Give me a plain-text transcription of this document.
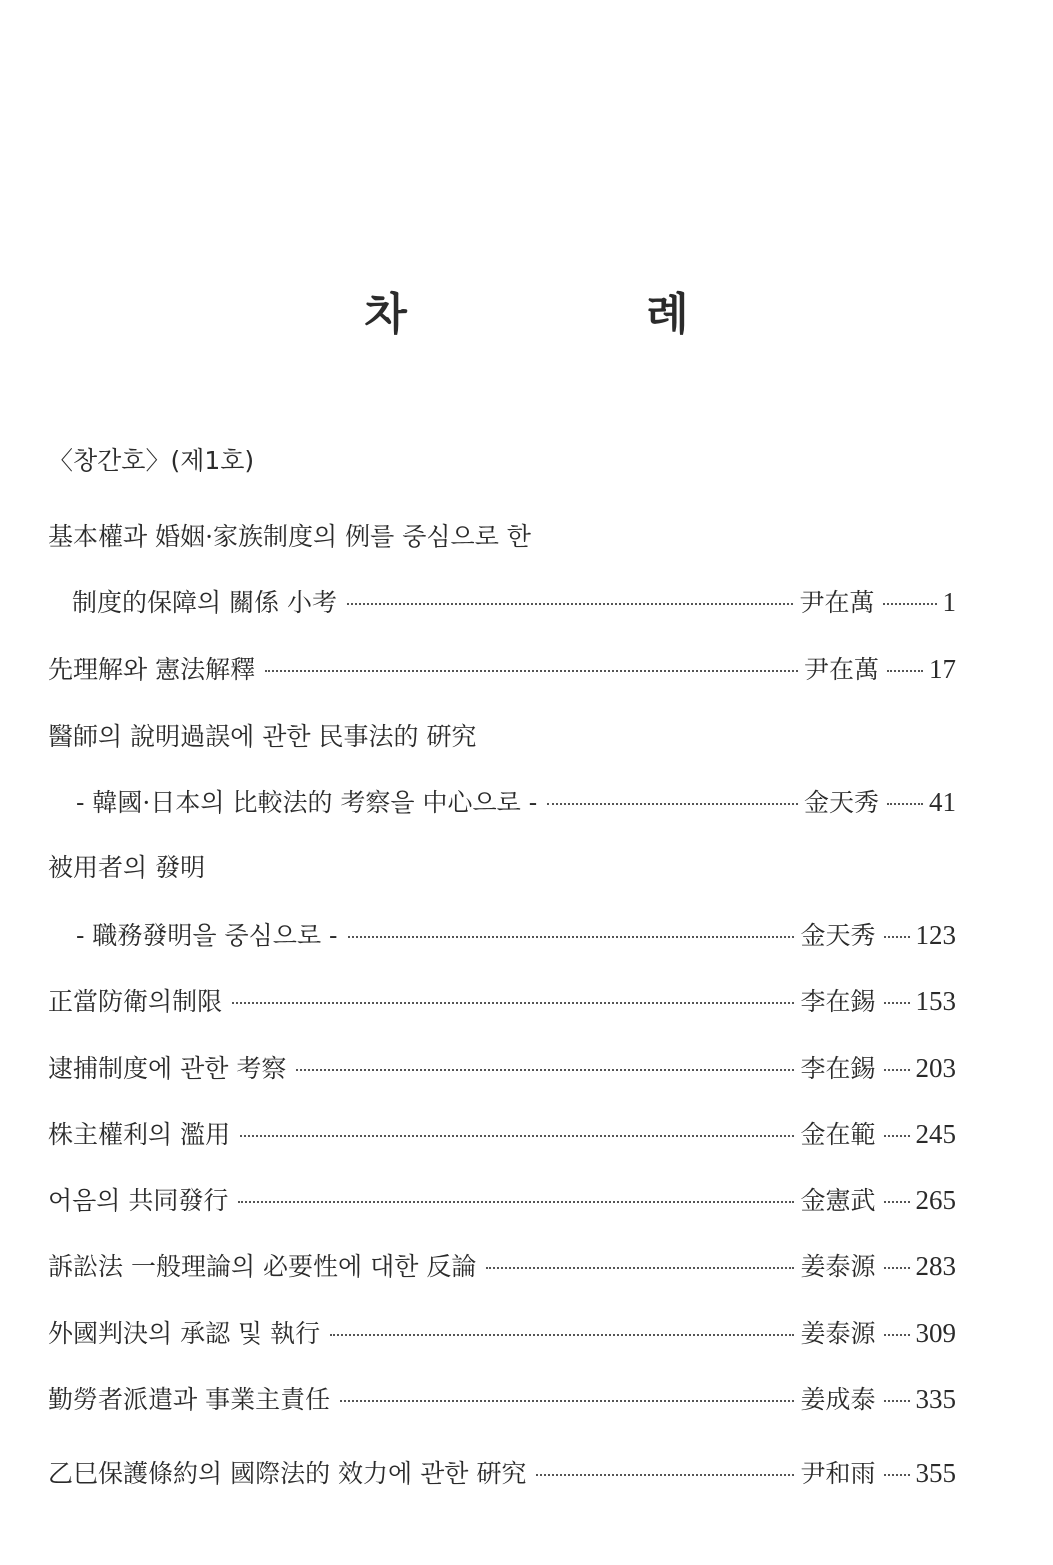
차 례
〈창간호〉(제1호)
基本權과 婚姻·家族制度의 例를 중심으로 한
制度的保障의 關係 小考	尹在萬	1
先理解와 憲法解釋	尹在萬 17
醫師의 說明過誤에 관한 民事法的 硏究
- 韓國·日本의 比較法的 考察을 中心으로 -	金天秀 41
被用者의 發明
- 職務發明을 중심으로 -	金天秀 123
正當防衛의制限	李在錫 153
逮捕制度에 관한 考察	李在錫 203
株主權利의 濫用	金在範 245
어음의 共同發行	金憲武 265
訴訟法 一般理論의 必要性에 대한 反論	姜泰源 283
外國判決의 承認 및 執行	姜泰源 309
勤勞者派遣과 事業主責任	姜成泰 335
乙巳保護條約의 國際法的 效力에 관한 硏究	尹和雨 355
